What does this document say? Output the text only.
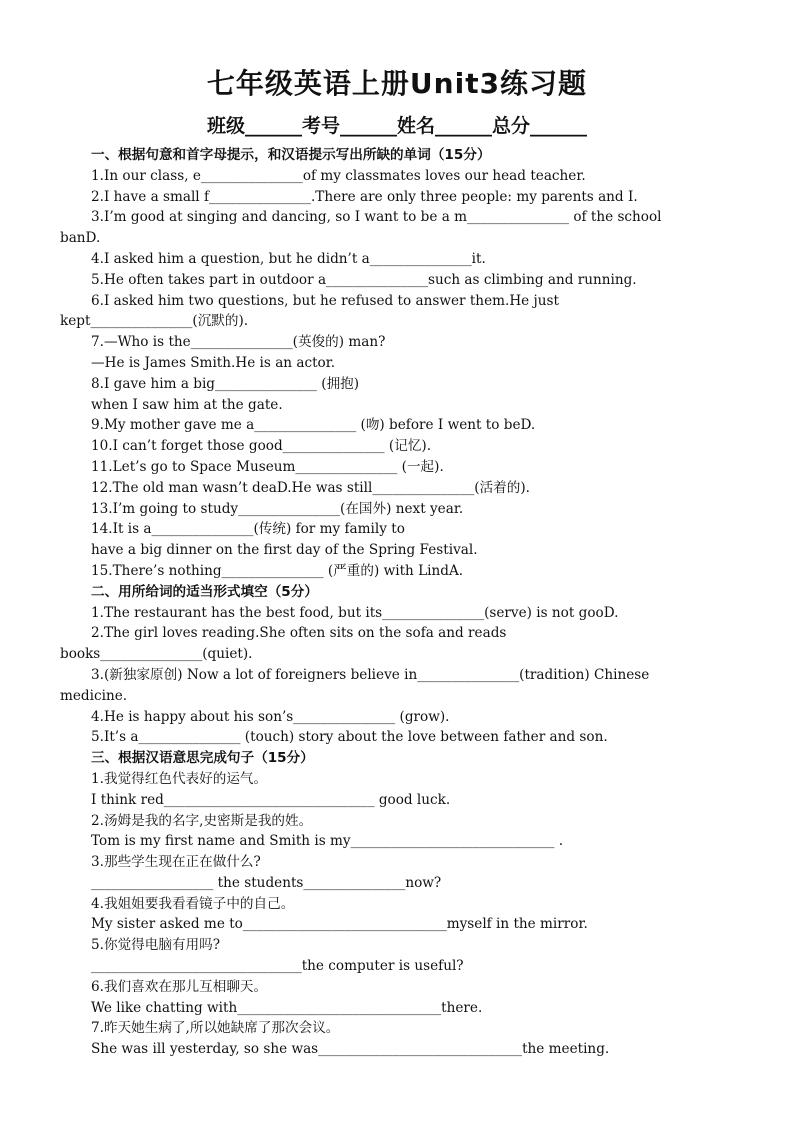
七年级英语上册Unit3练习题
班级______考号______姓名______总分______
一、根据句意和首字母提示，和汉语提示写出所缺的单词（15分）
1.In our class, e_______________of my classmates loves our head teacher.
2.I have a small f_______________.There are only three people: my parents and I.
3.I’m good at singing and dancing, so I want to be a m_______________ of the school
banD.
4.I asked him a question, but he didn’t a_______________it.
5.He often takes part in outdoor a_______________such as climbing and running.
6.I asked him two questions, but he refused to answer them.He just
kept_______________(沉默的).
7.—Who is the_______________(英俊的) man?
—He is James Smith.He is an actor.
8.I gave him a big_______________ (拥抱)
when I saw him at the gate.
9.My mother gave me a_______________ (吻) before I went to beD.
10.I can’t forget those good_______________ (记忆).
11.Let’s go to Space Museum_______________ (一起).
12.The old man wasn’t deaD.He was still_______________(活着的).
13.I’m going to study_______________(在国外) next year.
14.It is a_______________(传统) for my family to
have a big dinner on the first day of the Spring Festival.
15.There’s nothing_______________ (严重的) with LindA.
二、用所给词的适当形式填空（5分）
1.The restaurant has the best food, but its_______________(serve) is not gooD.
2.The girl loves reading.She often sits on the sofa and reads
books_______________(quiet).
3.(新独家原创) Now a lot of foreigners believe in_______________(tradition) Chinese
medicine.
4.He is happy about his son’s_______________ (grow).
5.It’s a_______________ (touch) story about the love between father and son.
三、根据汉语意思完成句子（15分）
1.我觉得红色代表好的运气。
I think red_______________________________ good luck.
2.汤姆是我的名字,史密斯是我的姓。
Tom is my first name and Smith is my______________________________ .
3.那些学生现在正在做什么?
__________________ the students_______________now?
4.我姐姐要我看看镜子中的自己。
My sister asked me to______________________________myself in the mirror.
5.你觉得电脑有用吗?
_______________________________the computer is useful?
6.我们喜欢在那儿互相聊天。
We like chatting with______________________________there.
7.昨天她生病了,所以她缺席了那次会议。
She was ill yesterday, so she was______________________________the meeting.
